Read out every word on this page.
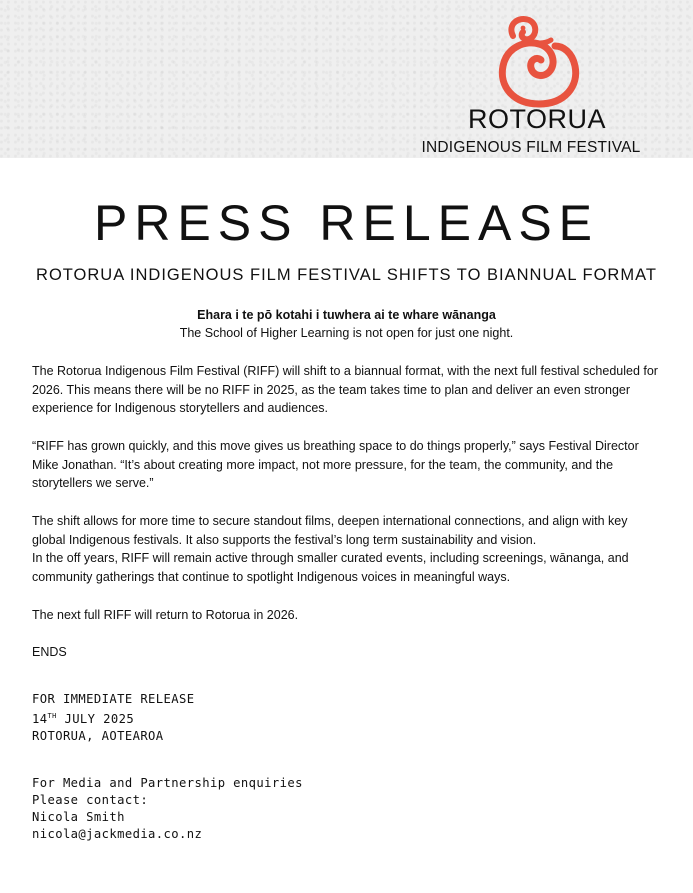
ROTORUA
INDIGENOUS FILM FESTIVAL
PRESS RELEASE
ROTORUA INDIGENOUS FILM FESTIVAL SHIFTS TO BIANNUAL FORMAT
Ehara i te pō kotahi i tuwhera ai te whare wānanga
The School of Higher Learning is not open for just one night.
The Rotorua Indigenous Film Festival (RIFF) will shift to a biannual format, with the next full festival scheduled for 2026. This means there will be no RIFF in 2025, as the team takes time to plan and deliver an even stronger experience for Indigenous storytellers and audiences.
“RIFF has grown quickly, and this move gives us breathing space to do things properly,” says Festival Director Mike Jonathan. “It’s about creating more impact, not more pressure, for the team, the community, and the storytellers we serve.”
The shift allows for more time to secure standout films, deepen international connections, and align with key global Indigenous festivals. It also supports the festival’s long term sustainability and vision.
In the off years, RIFF will remain active through smaller curated events, including screenings, wānanga, and community gatherings that continue to spotlight Indigenous voices in meaningful ways.
The next full RIFF will return to Rotorua in 2026.
ENDS
FOR IMMEDIATE RELEASE
14TH JULY 2025
ROTORUA, AOTEAROA
For Media and Partnership enquiries
Please contact:
Nicola Smith
nicola@jackmedia.co.nz
